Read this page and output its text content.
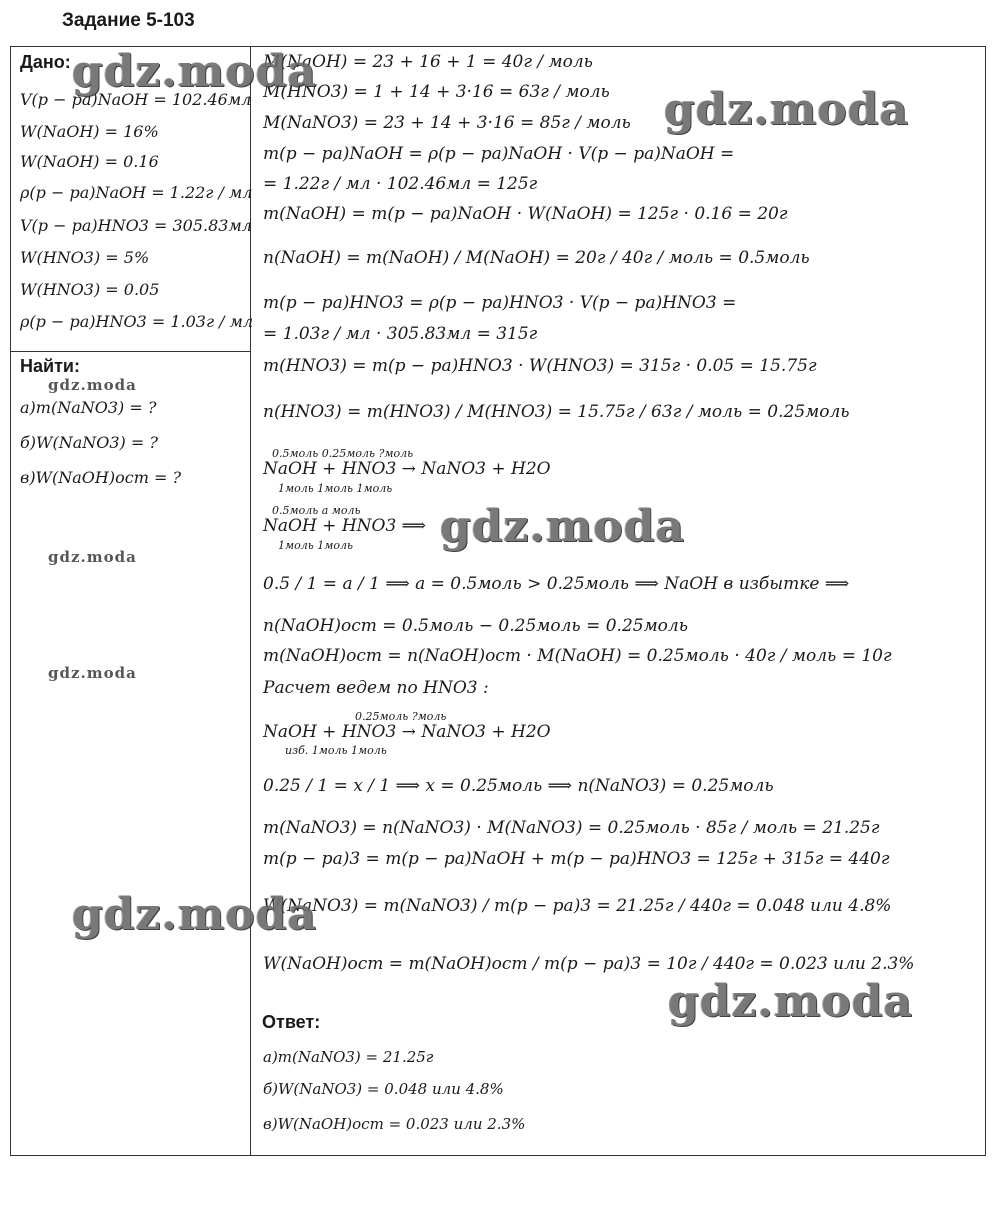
Задание 5-103
Дано:
V(p − pa)NaOH = 102.46мл
W(NaOH) = 16%
W(NaOH) = 0.16
ρ(p − pa)NaOH = 1.22г / мл
V(p − pa)HNO3 = 305.83мл
W(HNO3) = 5%
W(HNO3) = 0.05
ρ(p − pa)HNO3 = 1.03г / мл
Найти:
а)m(NaNO3) = ?
б)W(NaNO3) = ?
в)W(NaOH)ост = ?
M(NaOH) = 23 + 16 + 1 = 40г / моль
M(HNO3) = 1 + 14 + 3·16 = 63г / моль
M(NaNO3) = 23 + 14 + 3·16 = 85г / моль
m(p − pa)NaOH = ρ(p − pa)NaOH · V(p − pa)NaOH =
= 1.22г / мл · 102.46мл = 125г
m(NaOH) = m(p − pa)NaOH · W(NaOH) = 125г · 0.16 = 20г
n(NaOH) = m(NaOH) / M(NaOH) = 20г / 40г / моль = 0.5моль
m(p − pa)HNO3 = ρ(p − pa)HNO3 · V(p − pa)HNO3 =
= 1.03г / мл · 305.83мл = 315г
m(HNO3) = m(p − pa)HNO3 · W(HNO3) = 315г · 0.05 = 15.75г
n(HNO3) = m(HNO3) / M(HNO3) = 15.75г / 63г / моль = 0.25моль
0.5моль 0.25моль ?моль
NaOH + HNO3 → NaNO3 + H2O
1моль 1моль 1моль
0.5моль а моль
NaOH + HNO3 ⟹
1моль 1моль
0.5 / 1 = a / 1 ⟹ a = 0.5моль > 0.25моль ⟹ NaOH в избытке ⟹
n(NaOH)ост = 0.5моль − 0.25моль = 0.25моль
m(NaOH)ост = n(NaOH)ост · M(NaOH) = 0.25моль · 40г / моль = 10г
Расчет ведем по HNO3 :
0.25моль ?моль
NaOH + HNO3 → NaNO3 + H2O
изб. 1моль 1моль
0.25 / 1 = x / 1 ⟹ x = 0.25моль ⟹ n(NaNO3) = 0.25моль
m(NaNO3) = n(NaNO3) · M(NaNO3) = 0.25моль · 85г / моль = 21.25г
m(p − pa)3 = m(p − pa)NaOH + m(p − pa)HNO3 = 125г + 315г = 440г
W(NaNO3) = m(NaNO3) / m(p − pa)3 = 21.25г / 440г = 0.048 или 4.8%
W(NaOH)ост = m(NaOH)ост / m(p − pa)3 = 10г / 440г = 0.023 или 2.3%
Ответ:
а)m(NaNO3) = 21.25г
б)W(NaNO3) = 0.048 или 4.8%
в)W(NaOH)ост = 0.023 или 2.3%
gdz.moda
gdz.moda
gdz.moda
gdz.moda
gdz.moda
gdz.moda
gdz.moda
gdz.moda
